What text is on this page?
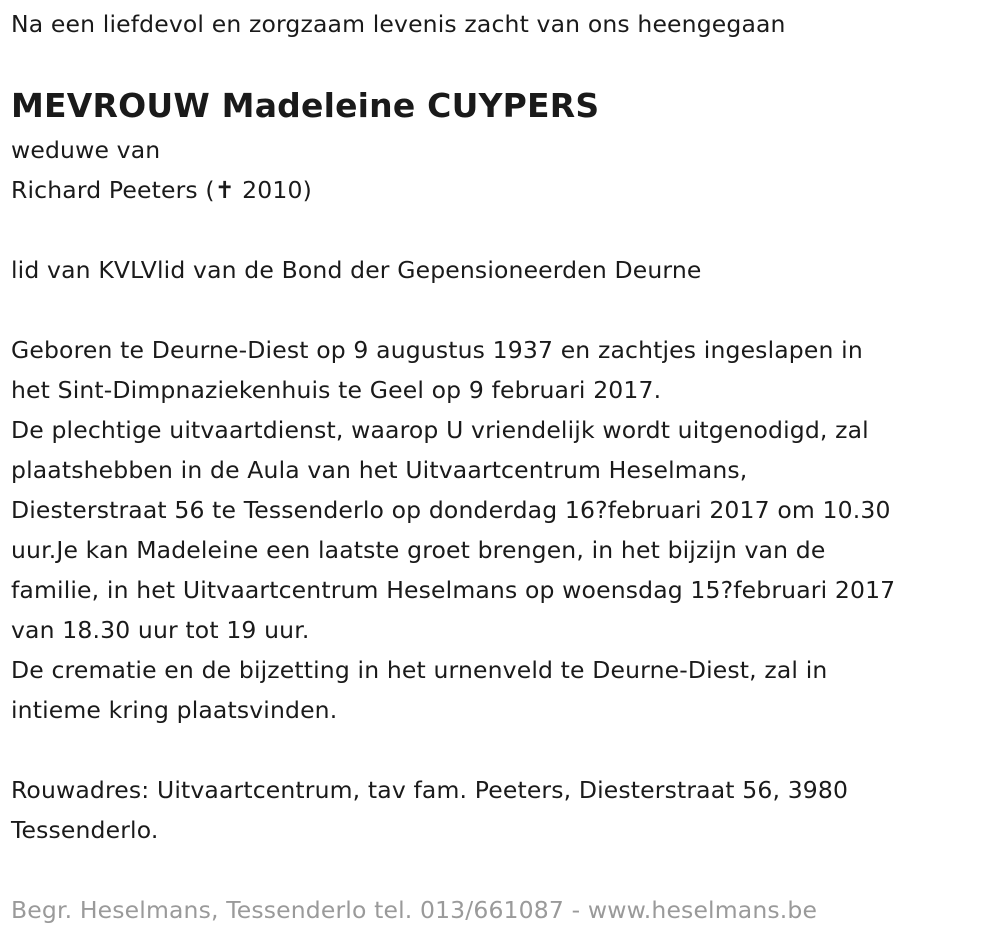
Na een liefdevol en zorgzaam levenis zacht van ons heengegaan
MEVROUW Madeleine CUYPERS
weduwe van
Richard Peeters (✝ 2010)
lid van KVLVlid van de Bond der Gepensioneerden Deurne
Geboren te Deurne-Diest op 9 augustus 1937 en zachtjes ingeslapen in
het Sint-Dimpnaziekenhuis te Geel op 9 februari 2017.
De plechtige uitvaartdienst, waarop U vriendelijk wordt uitgenodigd, zal
plaatshebben in de Aula van het Uitvaartcentrum Heselmans,
Diesterstraat 56 te Tessenderlo op donderdag 16?februari 2017 om 10.30
uur.Je kan Madeleine een laatste groet brengen, in het bijzijn van de
familie, in het Uitvaartcentrum Heselmans op woensdag 15?februari 2017
van 18.30 uur tot 19 uur.
De crematie en de bijzetting in het urnenveld te Deurne-Diest, zal in
intieme kring plaatsvinden.
Rouwadres: Uitvaartcentrum, tav fam. Peeters, Diesterstraat 56, 3980
Tessenderlo.
Begr. Heselmans, Tessenderlo tel. 013/661087 - www.heselmans.be
